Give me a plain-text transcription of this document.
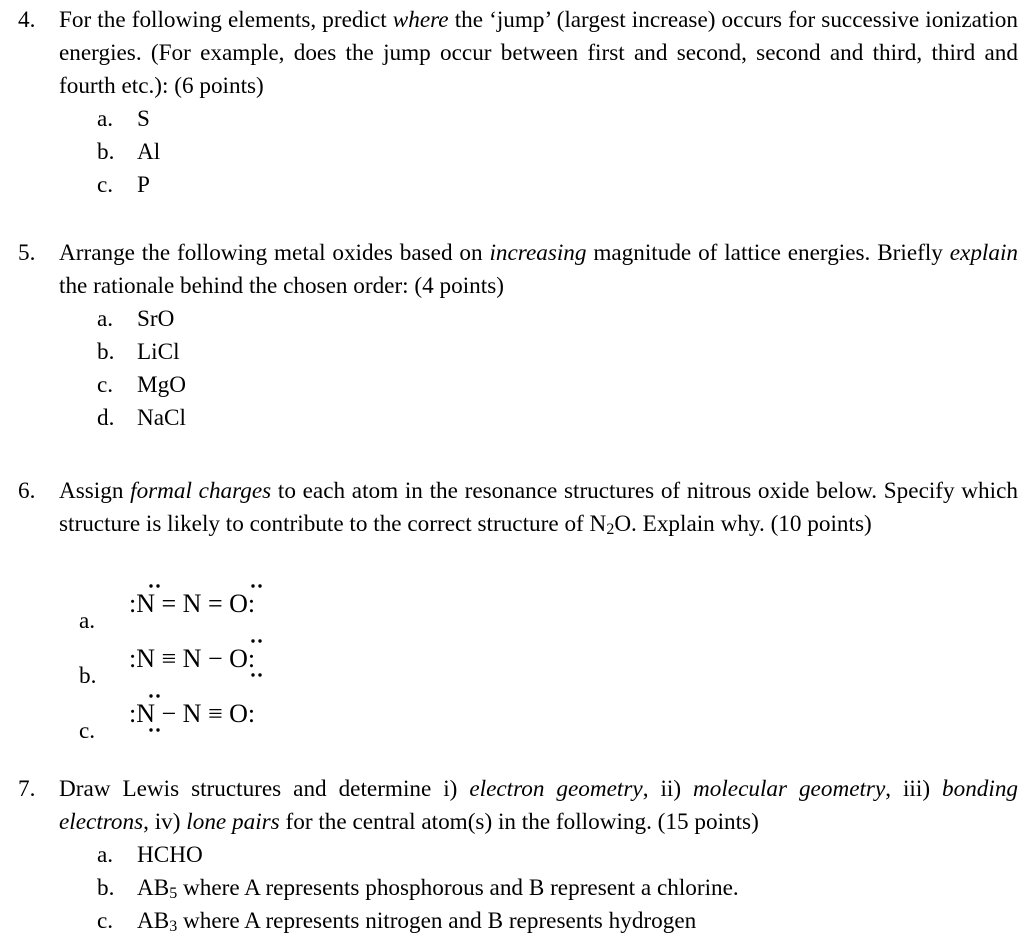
4.	For the following elements, predict where the ‘jump’ (largest increase) occurs for successive ionization energies. (For example, does the jump occur between first and second, second and third, third and fourth etc.): (6 points)
a.	S
b. Al
c.	P
5.	Arrange the following metal oxides based on increasing magnitude of lattice energies. Briefly explain the rationale behind the chosen order: (4 points)
a.	SrO
b. LiCl
c.	MgO
d. NaCl
6.	Assign formal charges to each atom in the resonance structures of nitrous oxide below. Specify which structure is likely to contribute to the correct structure of $N_2O$. Explain why. (10 points)
a.
:N = N = O:
b.
:N ≡ N − O:
c.
:N − N ≡ O:
7.	Draw Lewis structures and determine i) electron geometry, ii) molecular geometry, iii) bonding electrons, iv) lone pairs for the central atom(s) in the following. (15 points)
a.	HCHO
b. $AB_5$ where A represents phosphorous and B represent a chlorine.
c.	$AB_3$ where A represents nitrogen and B represents hydrogen
